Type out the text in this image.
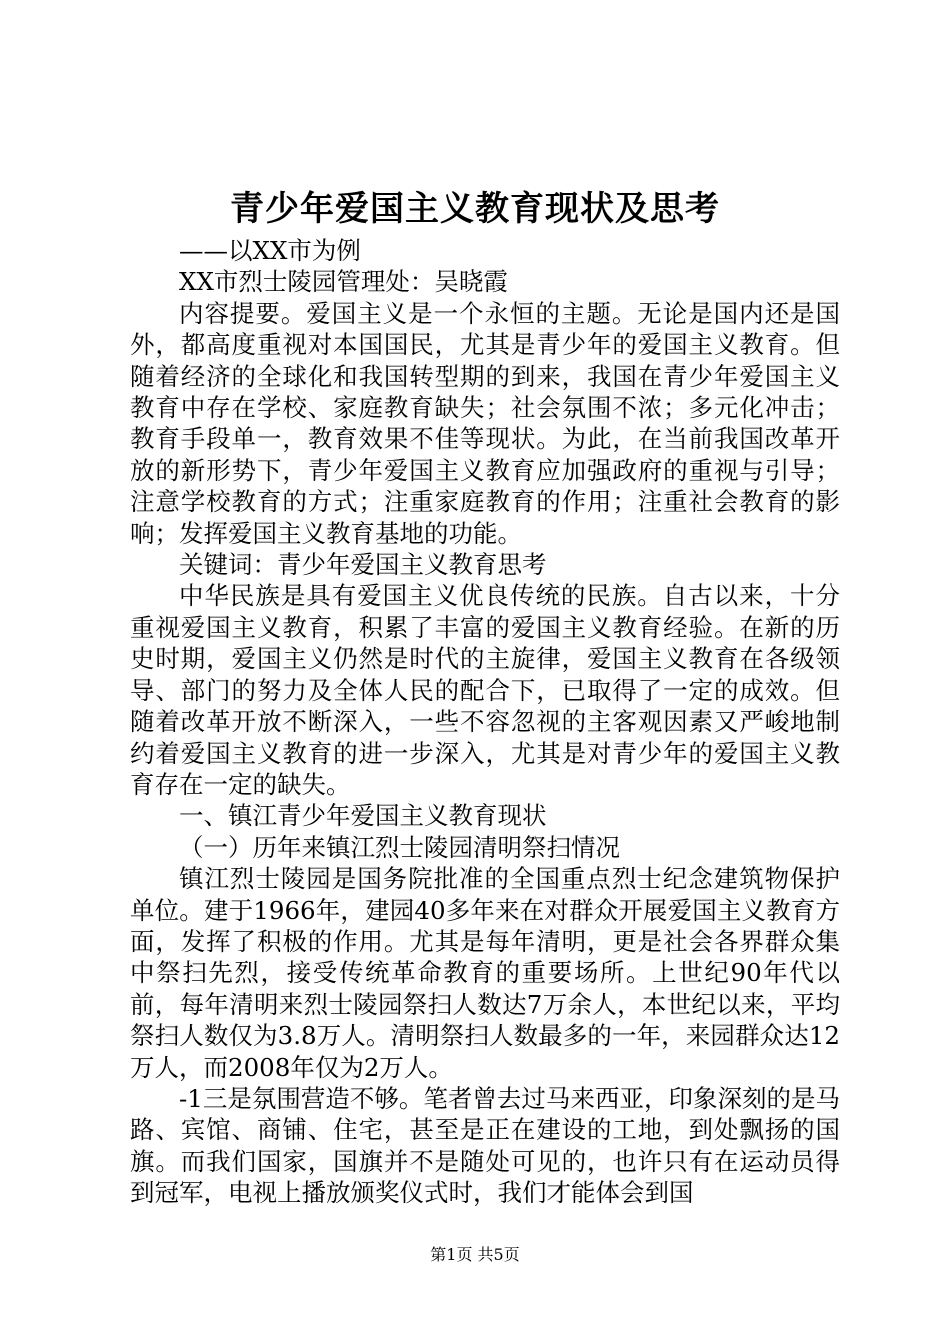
青少年爱国主义教育现状及思考

——以XX市为例

XX市烈士陵园管理处：吴晓霞

内容提要。爱国主义是一个永恒的主题。无论是国内还是国外，都高度重视对本国国民，尤其是青少年的爱国主义教育。但随着经济的全球化和我国转型期的到来，我国在青少年爱国主义教育中存在学校、家庭教育缺失；社会氛围不浓；多元化冲击；教育手段单一，教育效果不佳等现状。为此，在当前我国改革开放的新形势下，青少年爱国主义教育应加强政府的重视与引导；注意学校教育的方式；注重家庭教育的作用；注重社会教育的影响；发挥爱国主义教育基地的功能。

关键词：青少年爱国主义教育思考

中华民族是具有爱国主义优良传统的民族。自古以来，十分重视爱国主义教育，积累了丰富的爱国主义教育经验。在新的历史时期，爱国主义仍然是时代的主旋律，爱国主义教育在各级领导、部门的努力及全体人民的配合下，已取得了一定的成效。但随着改革开放不断深入，一些不容忽视的主客观因素又严峻地制约着爱国主义教育的进一步深入，尤其是对青少年的爱国主义教育存在一定的缺失。

一、镇江青少年爱国主义教育现状

（一）历年来镇江烈士陵园清明祭扫情况

镇江烈士陵园是国务院批准的全国重点烈士纪念建筑物保护单位。建于1966年，建园40多年来在对群众开展爱国主义教育方面，发挥了积极的作用。尤其是每年清明，更是社会各界群众集中祭扫先烈，接受传统革命教育的重要场所。上世纪90年代以前，每年清明来烈士陵园祭扫人数达7万余人，本世纪以来，平均祭扫人数仅为3.8万人。清明祭扫人数最多的一年，来园群众达12万人，而2008年仅为2万人。

-1三是氛围营造不够。笔者曾去过马来西亚，印象深刻的是马路、宾馆、商铺、住宅，甚至是正在建设的工地，到处飘扬的国旗。而我们国家，国旗并不是随处可见的，也许只有在运动员得到冠军，电视上播放颁奖仪式时，我们才能体会到国

第1页 共5页
